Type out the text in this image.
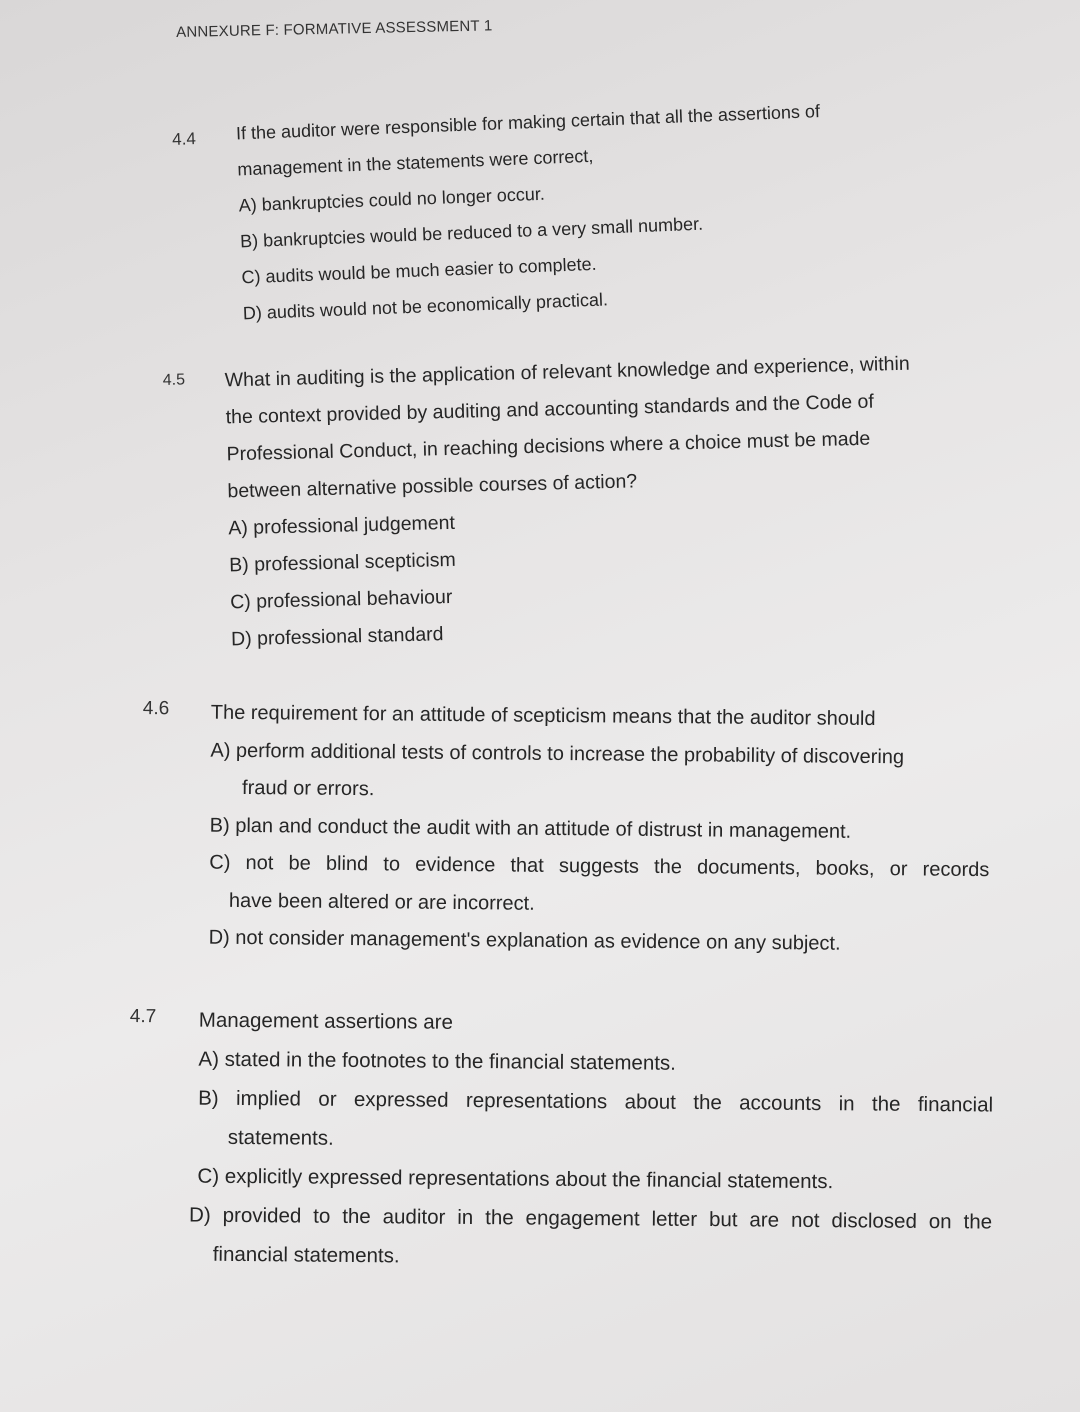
ANNEXURE F: FORMATIVE ASSESSMENT 1
4.4 If the auditor were responsible for making certain that all the assertions of
management in the statements were correct,
A) bankruptcies could no longer occur.
B) bankruptcies would be reduced to a very small number.
C) audits would be much easier to complete.
D) audits would not be economically practical.
4.5 What in auditing is the application of relevant knowledge and experience, within
the context provided by auditing and accounting standards and the Code of
Professional Conduct, in reaching decisions where a choice must be made
between alternative possible courses of action?
A) professional judgement
B) professional scepticism
C) professional behaviour
D) professional standard
4.6 The requirement for an attitude of scepticism means that the auditor should
A) perform additional tests of controls to increase the probability of discovering
fraud or errors.
B) plan and conduct the audit with an attitude of distrust in management.
C) not be blind to evidence that suggests the documents, books, or records
have been altered or are incorrect.
D) not consider management's explanation as evidence on any subject.
4.7 Management assertions are
A) stated in the footnotes to the financial statements.
B) implied or expressed representations about the accounts in the financial
statements.
C) explicitly expressed representations about the financial statements.
D) provided to the auditor in the engagement letter but are not disclosed on the
financial statements.
